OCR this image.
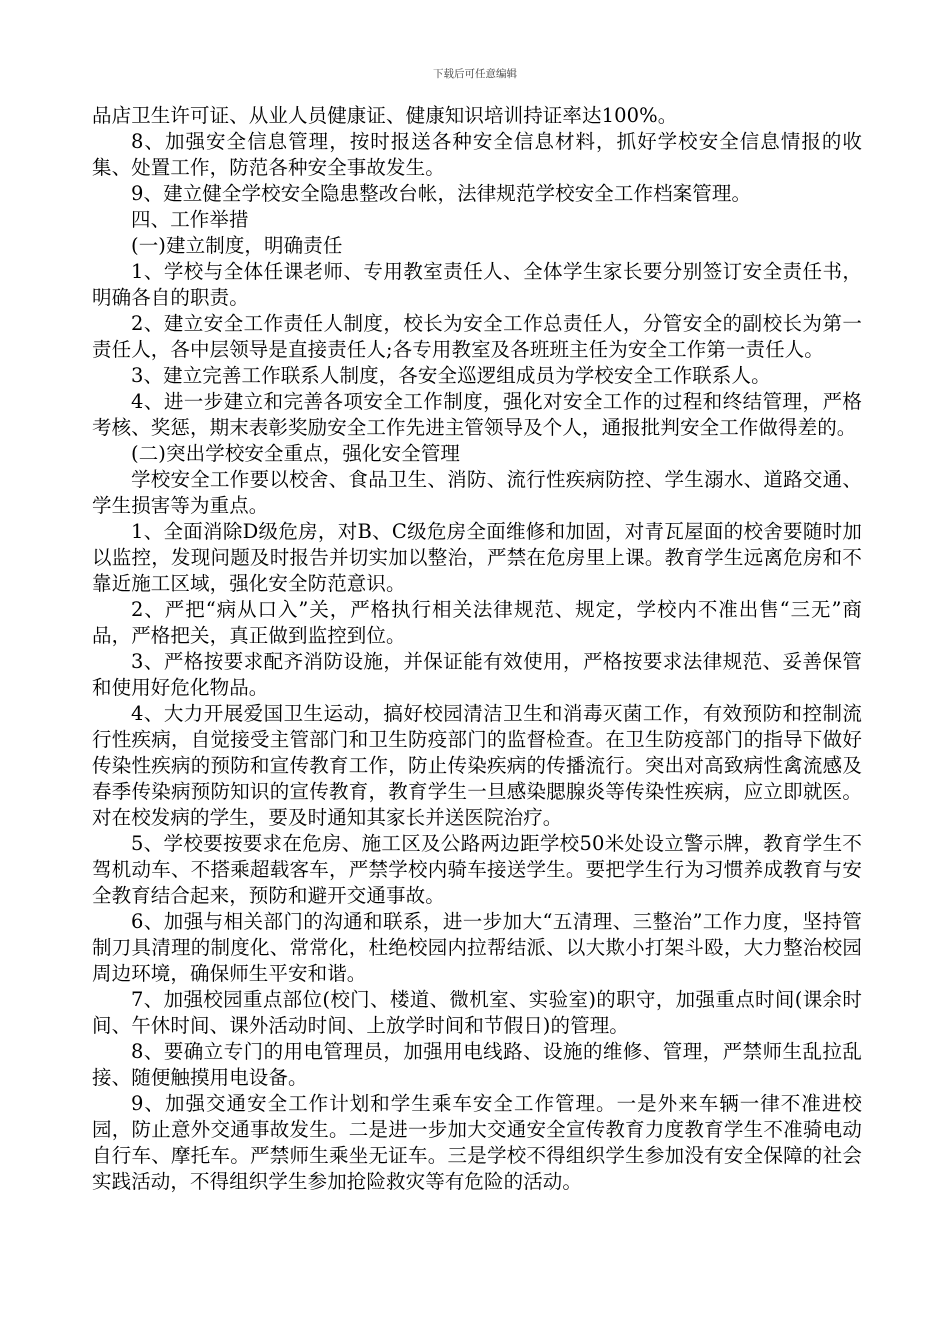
下载后可任意编辑

品店卫生许可证、从业人员健康证、健康知识培训持证率达100%。

8、加强安全信息管理，按时报送各种安全信息材料，抓好学校安全信息情报的收集、处置工作，防范各种安全事故发生。

9、建立健全学校安全隐患整改台帐，法律规范学校安全工作档案管理。

四、工作举措

(一)建立制度，明确责任

1、学校与全体任课老师、专用教室责任人、全体学生家长要分别签订安全责任书，明确各自的职责。

2、建立安全工作责任人制度，校长为安全工作总责任人，分管安全的副校长为第一责任人，各中层领导是直接责任人;各专用教室及各班班主任为安全工作第一责任人。

3、建立完善工作联系人制度，各安全巡逻组成员为学校安全工作联系人。

4、进一步建立和完善各项安全工作制度，强化对安全工作的过程和终结管理，严格考核、奖惩，期末表彰奖励安全工作先进主管领导及个人，通报批判安全工作做得差的。

(二)突出学校安全重点，强化安全管理

学校安全工作要以校舍、食品卫生、消防、流行性疾病防控、学生溺水、道路交通、学生损害等为重点。

1、全面消除D级危房，对B、C级危房全面维修和加固，对青瓦屋面的校舍要随时加以监控，发现问题及时报告并切实加以整治，严禁在危房里上课。教育学生远离危房和不靠近施工区域，强化安全防范意识。

2、严把“病从口入”关，严格执行相关法律规范、规定，学校内不准出售“三无”商品，严格把关，真正做到监控到位。

3、严格按要求配齐消防设施，并保证能有效使用，严格按要求法律规范、妥善保管和使用好危化物品。

4、大力开展爱国卫生运动，搞好校园清洁卫生和消毒灭菌工作，有效预防和控制流行性疾病，自觉接受主管部门和卫生防疫部门的监督检查。在卫生防疫部门的指导下做好传染性疾病的预防和宣传教育工作，防止传染疾病的传播流行。突出对高致病性禽流感及春季传染病预防知识的宣传教育，教育学生一旦感染腮腺炎等传染性疾病，应立即就医。对在校发病的学生，要及时通知其家长并送医院治疗。

5、学校要按要求在危房、施工区及公路两边距学校50米处设立警示牌，教育学生不驾机动车、不搭乘超载客车，严禁学校内骑车接送学生。要把学生行为习惯养成教育与安全教育结合起来，预防和避开交通事故。

6、加强与相关部门的沟通和联系，进一步加大“五清理、三整治”工作力度，坚持管制刀具清理的制度化、常常化，杜绝校园内拉帮结派、以大欺小打架斗殴，大力整治校园周边环境，确保师生平安和谐。

7、加强校园重点部位(校门、楼道、微机室、实验室)的职守，加强重点时间(课余时间、午休时间、课外活动时间、上放学时间和节假日)的管理。

8、要确立专门的用电管理员，加强用电线路、设施的维修、管理，严禁师生乱拉乱接、随便触摸用电设备。

9、加强交通安全工作计划和学生乘车安全工作管理。一是外来车辆一律不准进校园，防止意外交通事故发生。二是进一步加大交通安全宣传教育力度教育学生不准骑电动自行车、摩托车。严禁师生乘坐无证车。三是学校不得组织学生参加没有安全保障的社会实践活动，不得组织学生参加抢险救灾等有危险的活动。
